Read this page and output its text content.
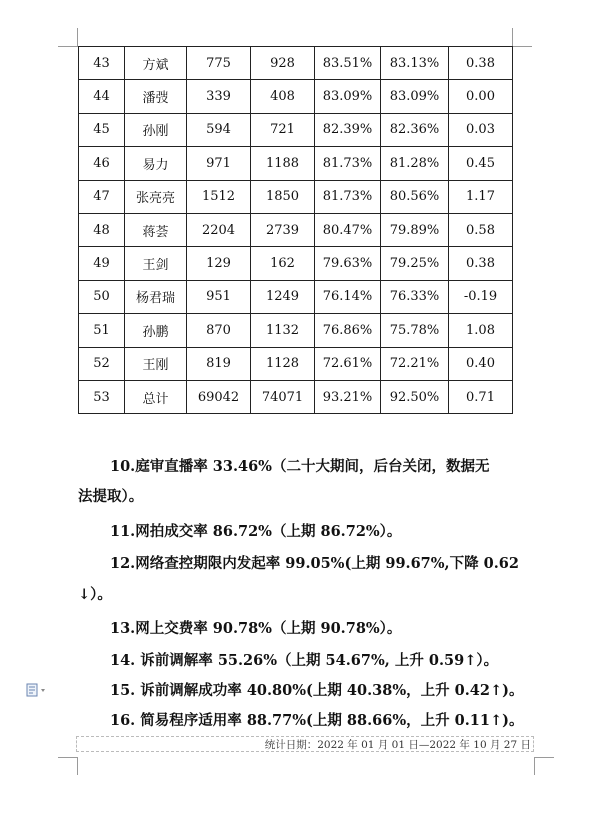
43	方斌	775	928	83.51%	83.13%	0.38
44	潘弢	339	408	83.09%	83.09%	0.00
45	孙刚	594	721	82.39%	82.36%	0.03
46	易力	971	1188	81.73%	81.28%	0.45
47	张亮亮	1512	1850	81.73%	80.56%	1.17
48	蒋荟	2204	2739	80.47%	79.89%	0.58
49	王剑	129	162	79.63%	79.25%	0.38
50	杨君瑞	951	1249	76.14%	76.33%	-0.19
51	孙鹏	870	1132	76.86%	75.78%	1.08
52	王刚	819	1128	72.61%	72.21%	0.40
53	总计	69042	74071	93.21%	92.50%	0.71

10.庭审直播率 33.46%（二十大期间，后台关闭，数据无

法提取）。

11.网拍成交率 86.72%（上期 86.72%）。

12.网络查控期限内发起率 99.05%(上期 99.67%,下降 0.62

↓）。

13.网上交费率 90.78%（上期 90.78%）。

14. 诉前调解率 55.26%（上期 54.67%, 上升 0.59↑）。

15. 诉前调解成功率 40.80%(上期 40.38%，上升 0.42↑)。

16. 简易程序适用率 88.77%(上期 88.66%，上升 0.11↑)。

统计日期：2022 年 01 月 01 日—2022 年 10 月 27 日
